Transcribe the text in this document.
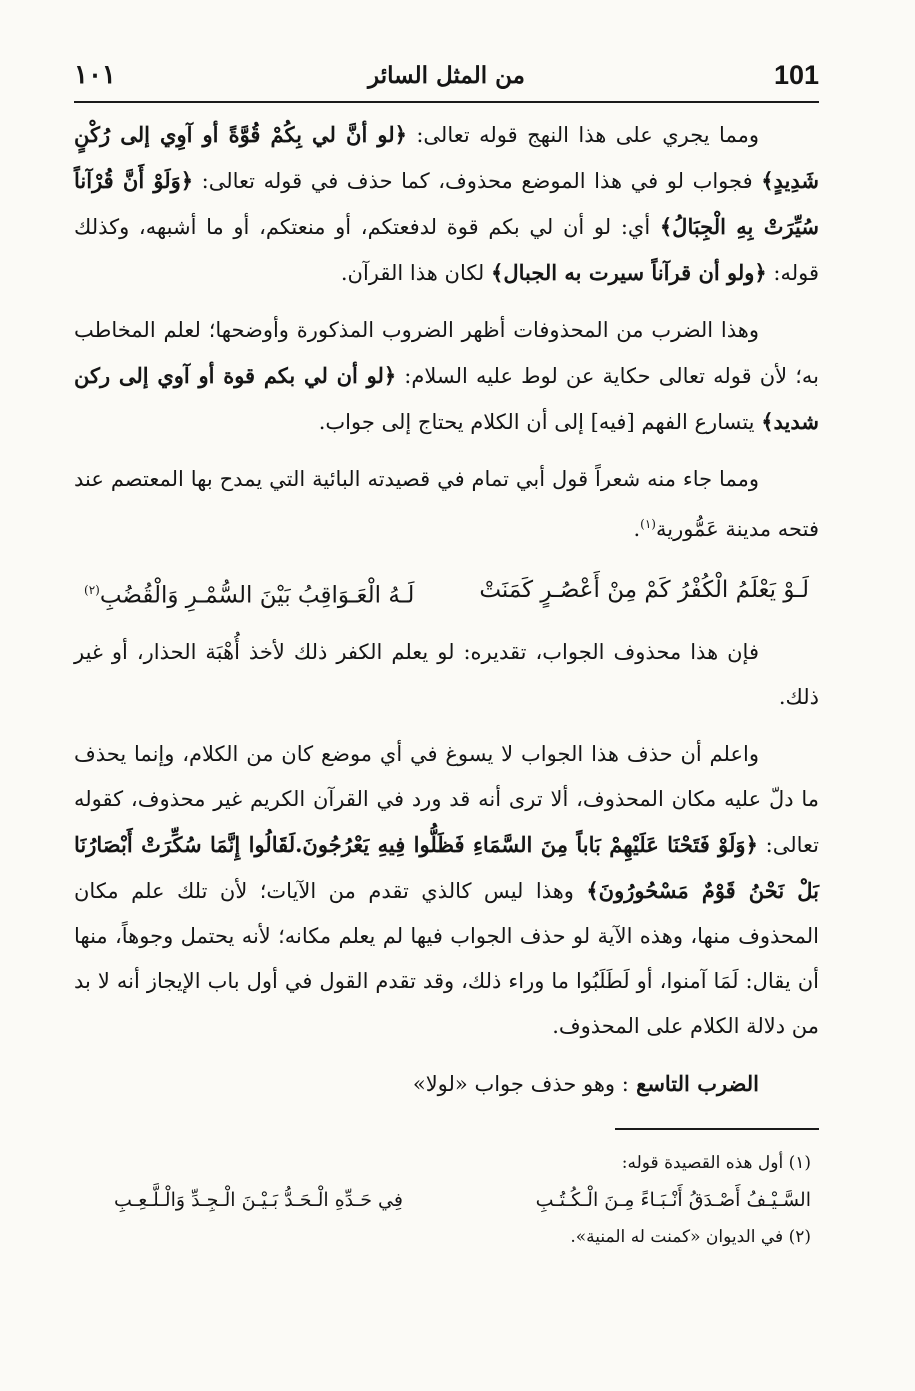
١٠١	من المثل السائر	101

ومما يجري على هذا النهج قوله تعالى: ﴿لو أنَّ لي بِكُمْ قُوَّةً أو آوِي إلى رُكْنٍ شَدِيدٍ﴾ فجواب لو في هذا الموضع محذوف، كما حذف في قوله تعالى: ﴿وَلَوْ أَنَّ قُرْآناً سُيِّرَتْ بِهِ الْجِبَالُ﴾ أي: لو أن لي بكم قوة لدفعتكم، أو منعتكم، أو ما أشبهه، وكذلك قوله: ﴿ولو أن قرآناً سيرت به الجبال﴾ لكان هذا القرآن.

وهذا الضرب من المحذوفات أظهر الضروب المذكورة وأوضحها؛ لعلم المخاطب به؛ لأن قوله تعالى حكاية عن لوط عليه السلام: ﴿لو أن لي بكم قوة أو آوي إلى ركن شديد﴾ يتسارع الفهم [فيه] إلى أن الكلام يحتاج إلى جواب.

ومما جاء منه شعراً قول أبي تمام في قصيدته البائية التي يمدح بها المعتصم عند فتحه مدينة عَمُّورية$^{(١)}$.

لَـوْ يَعْلَمُ الْكُفْرُ كَمْ مِنْ أَعْصُـرٍ كَمَنَتْ
لَـهُ الْعَـوَاقِبُ بَيْنَ السُّمْـرِ وَالْقُضُبِ$^{(٢)}$

فإن هذا محذوف الجواب، تقديره: لو يعلم الكفر ذلك لأخذ أُهْبَة الحذار، أو غير ذلك.

واعلم أن حذف هذا الجواب لا يسوغ في أي موضع كان من الكلام، وإنما يحذف ما دلّ عليه مكان المحذوف، ألا ترى أنه قد ورد في القرآن الكريم غير محذوف، كقوله تعالى: ﴿وَلَوْ فَتَحْنَا عَلَيْهِمْ بَاباً مِنَ السَّمَاءِ فَظَلُّوا فِيهِ يَعْرُجُونَ.لَقَالُوا إِنَّمَا سُكِّرَتْ أَبْصَارُنَا بَلْ نَحْنُ قَوْمٌ مَسْحُورُونَ﴾ وهذا ليس كالذي تقدم من الآيات؛ لأن تلك علم مكان المحذوف منها، وهذه الآية لو حذف الجواب فيها لم يعلم مكانه؛ لأنه يحتمل وجوهاً، منها أن يقال: لَمَا آمنوا، أو لَطَلَبُوا ما وراء ذلك، وقد تقدم القول في أول باب الإيجاز أنه لا بد من دلالة الكلام على المحذوف.

الضرب التاسع : وهو حذف جواب «لولا»

(١) أول هذه القصيدة قوله:

السَّـيْـفُ أَصْـدَقُ أَنْـبَـاءً مِـنَ الْـكُـتُـبِ
فِي حَـدِّهِ الْـحَـدُّ بَـيْـنَ الْـجِـدِّ وَالْـلَّـعِـبِ

(٢) في الديوان «كمنت له المنية».
